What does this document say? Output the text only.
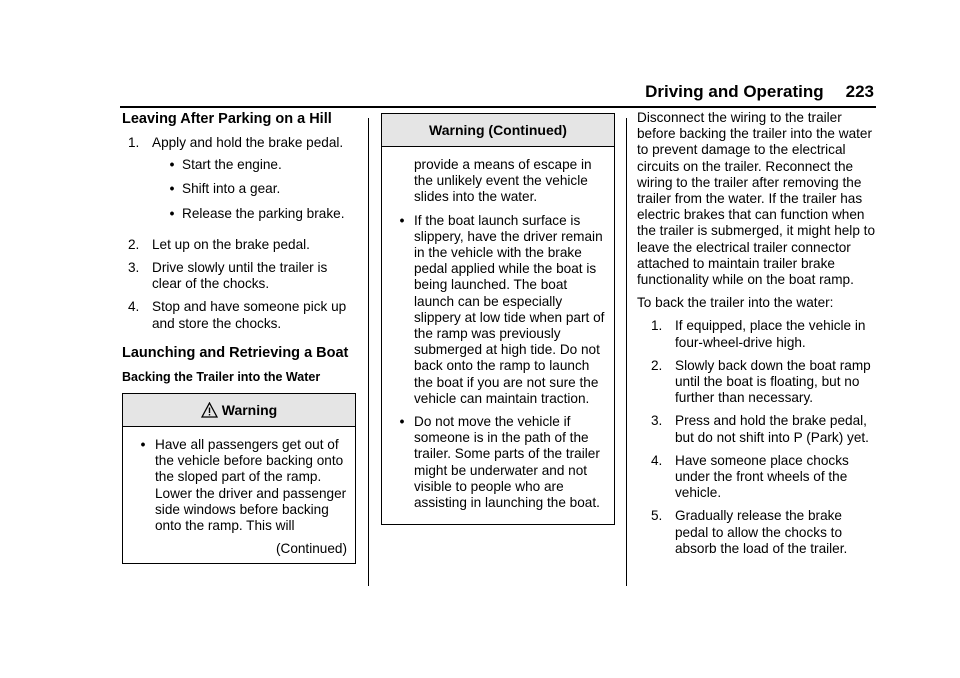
Driving and Operating 223
Leaving After Parking on a Hill
1. Apply and hold the brake pedal.
• Start the engine.
• Shift into a gear.
• Release the parking brake.
2. Let up on the brake pedal.
3. Drive slowly until the trailer is clear of the chocks.
4. Stop and have someone pick up and store the chocks.
Launching and Retrieving a Boat
Backing the Trailer into the Water
Warning
• Have all passengers get out of the vehicle before backing onto the sloped part of the ramp. Lower the driver and passenger side windows before backing onto the ramp. This will
(Continued)
Warning (Continued)
provide a means of escape in the unlikely event the vehicle slides into the water.
• If the boat launch surface is slippery, have the driver remain in the vehicle with the brake pedal applied while the boat is being launched. The boat launch can be especially slippery at low tide when part of the ramp was previously submerged at high tide. Do not back onto the ramp to launch the boat if you are not sure the vehicle can maintain traction.
• Do not move the vehicle if someone is in the path of the trailer. Some parts of the trailer might be underwater and not visible to people who are assisting in launching the boat.

Disconnect the wiring to the trailer before backing the trailer into the water to prevent damage to the electrical circuits on the trailer. Reconnect the wiring to the trailer after removing the trailer from the water. If the trailer has electric brakes that can function when the trailer is submerged, it might help to leave the electrical trailer connector attached to maintain trailer brake functionality while on the boat ramp.

To back the trailer into the water:

1. If equipped, place the vehicle in four-wheel-drive high.
2. Slowly back down the boat ramp until the boat is floating, but no further than necessary.
3. Press and hold the brake pedal, but do not shift into P (Park) yet.
4. Have someone place chocks under the front wheels of the vehicle.
5. Gradually release the brake pedal to allow the chocks to absorb the load of the trailer.
